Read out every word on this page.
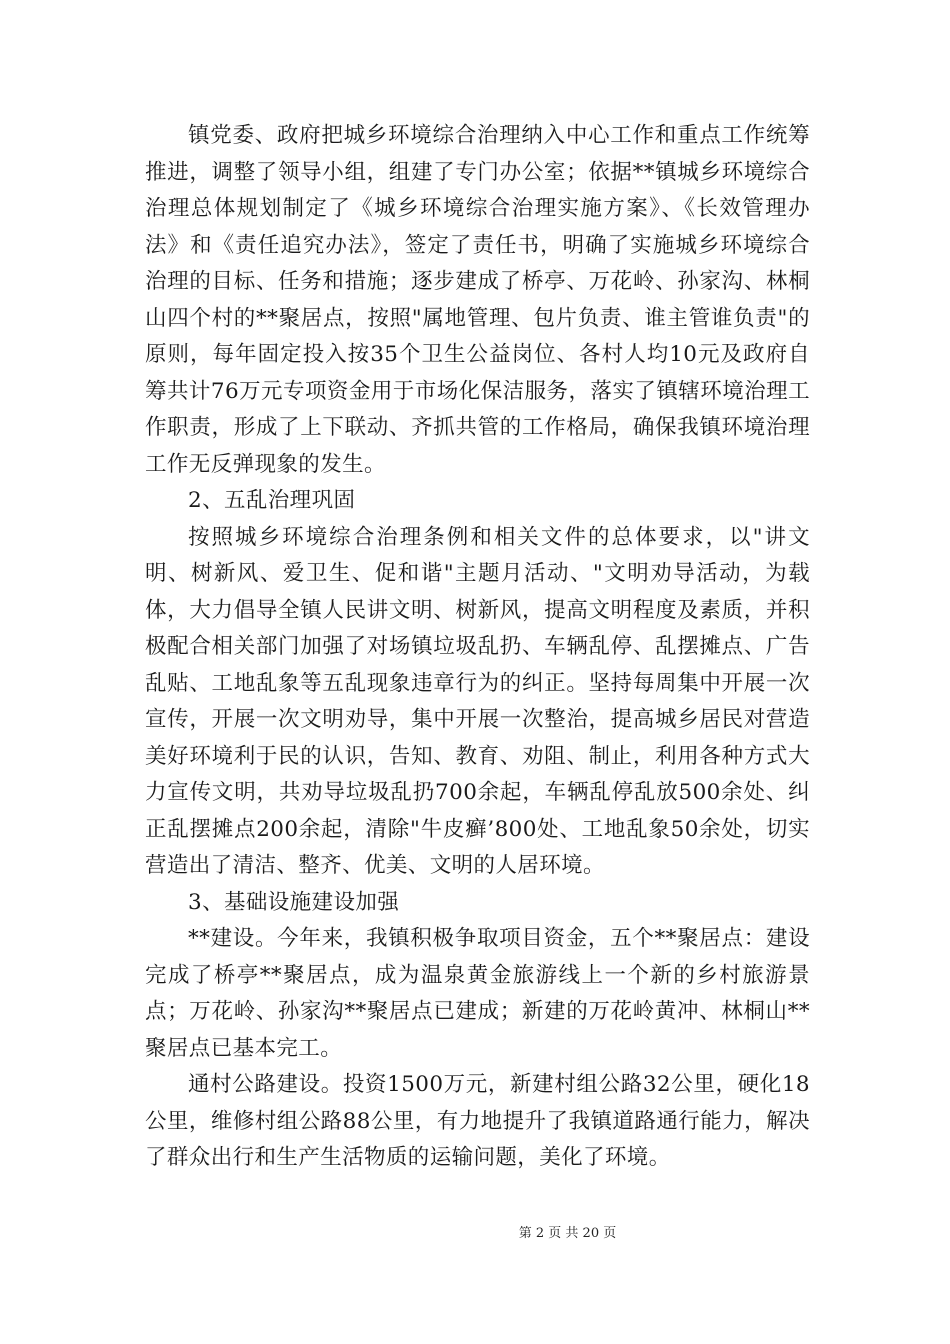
镇党委、政府把城乡环境综合治理纳入中心工作和重点工作统筹推进，调整了领导小组，组建了专门办公室；依据**镇城乡环境综合治理总体规划制定了《城乡环境综合治理实施方案》、《长效管理办法》和《责任追究办法》，签定了责任书，明确了实施城乡环境综合治理的目标、任务和措施；逐步建成了桥亭、万花岭、孙家沟、林桐山四个村的**聚居点，按照"属地管理、包片负责、谁主管谁负责"的原则，每年固定投入按35个卫生公益岗位、各村人均10元及政府自筹共计76万元专项资金用于市场化保洁服务，落实了镇辖环境治理工作职责，形成了上下联动、齐抓共管的工作格局，确保我镇环境治理工作无反弹现象的发生。

2、五乱治理巩固

按照城乡环境综合治理条例和相关文件的总体要求，以"讲文明、树新风、爱卫生、促和谐"主题月活动、"文明劝导活动，为载体，大力倡导全镇人民讲文明、树新风，提高文明程度及素质，并积极配合相关部门加强了对场镇垃圾乱扔、车辆乱停、乱摆摊点、广告乱贴、工地乱象等五乱现象违章行为的纠正。坚持每周集中开展一次宣传，开展一次文明劝导，集中开展一次整治，提高城乡居民对营造美好环境利于民的认识，告知、教育、劝阻、制止，利用各种方式大力宣传文明，共劝导垃圾乱扔700余起，车辆乱停乱放500余处、纠正乱摆摊点200余起，清除"牛皮癣’800处、工地乱象50余处，切实营造出了清洁、整齐、优美、文明的人居环境。

3、基础设施建设加强

**建设。今年来，我镇积极争取项目资金，五个**聚居点：建设完成了桥亭**聚居点，成为温泉黄金旅游线上一个新的乡村旅游景点；万花岭、孙家沟**聚居点已建成；新建的万花岭黄冲、林桐山**聚居点已基本完工。

通村公路建设。投资1500万元，新建村组公路32公里，硬化18公里，维修村组公路88公里，有力地提升了我镇道路通行能力，解决了群众出行和生产生活物质的运输问题，美化了环境。

第 2 页 共 20 页
